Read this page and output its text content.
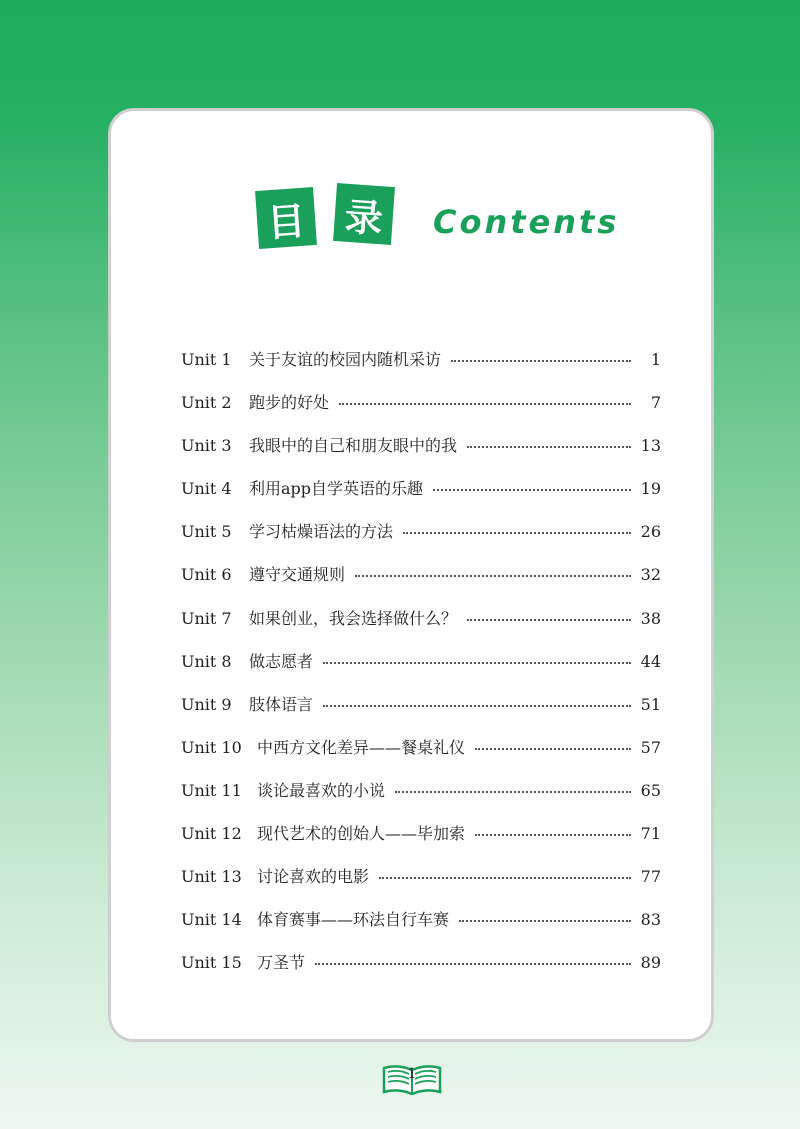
目 录	Contents
Unit 1	关于友谊的校园内随机采访	1
Unit 2	跑步的好处	7
Unit 3	我眼中的自己和朋友眼中的我	13
Unit 4	利用app自学英语的乐趣	19
Unit 5	学习枯燥语法的方法	26
Unit 6	遵守交通规则	32
Unit 7	如果创业，我会选择做什么？	38
Unit 8	做志愿者	44
Unit 9	肢体语言	51
Unit 10 中西方文化差异——餐桌礼仪	57
Unit 11 谈论最喜欢的小说	65
Unit 12 现代艺术的创始人——毕加索	71
Unit 13 讨论喜欢的电影	77
Unit 14 体育赛事——环法自行车赛	83
Unit 15 万圣节	89
1
